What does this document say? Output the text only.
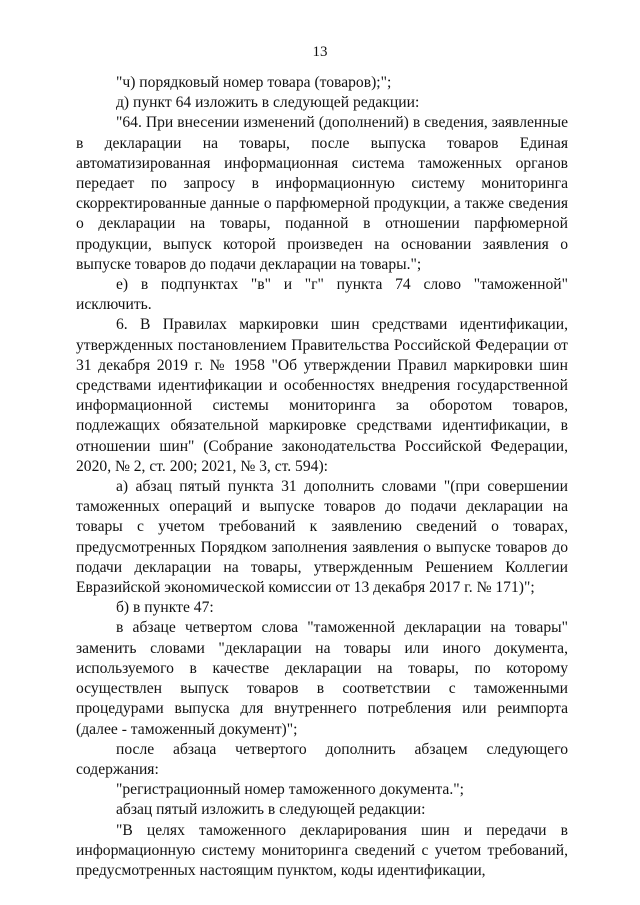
13

"ч) порядковый номер товара (товаров);";

д) пункт 64 изложить в следующей редакции:

"64. При внесении изменений (дополнений) в сведения, заявленные в декларации на товары, после выпуска товаров Единая автоматизированная информационная система таможенных органов передает по запросу в информационную систему мониторинга скорректированные данные о парфюмерной продукции, а также сведения о декларации на товары, поданной в отношении парфюмерной продукции, выпуск которой произведен на основании заявления о выпуске товаров до подачи декларации на товары.";

е) в подпунктах "в" и "г" пункта 74 слово "таможенной" исключить.

6. В Правилах маркировки шин средствами идентификации, утвержденных постановлением Правительства Российской Федерации от 31 декабря 2019 г. № 1958 "Об утверждении Правил маркировки шин средствами идентификации и особенностях внедрения государственной информационной системы мониторинга за оборотом товаров, подлежащих обязательной маркировке средствами идентификации, в отношении шин" (Собрание законодательства Российской Федерации, 2020, № 2, ст. 200; 2021, № 3, ст. 594):

а) абзац пятый пункта 31 дополнить словами "(при совершении таможенных операций и выпуске товаров до подачи декларации на товары с учетом требований к заявлению сведений о товарах, предусмотренных Порядком заполнения заявления о выпуске товаров до подачи декларации на товары, утвержденным Решением Коллегии Евразийской экономической комиссии от 13 декабря 2017 г. № 171)";

б) в пункте 47:

в абзаце четвертом слова "таможенной декларации на товары" заменить словами "декларации на товары или иного документа, используемого в качестве декларации на товары, по которому осуществлен выпуск товаров в соответствии с таможенными процедурами выпуска для внутреннего потребления или реимпорта (далее - таможенный документ)";

после абзаца четвертого дополнить абзацем следующего содержания:

"регистрационный номер таможенного документа.";

абзац пятый изложить в следующей редакции:

"В целях таможенного декларирования шин и передачи в информационную систему мониторинга сведений с учетом требований, предусмотренных настоящим пунктом, коды идентификации,
